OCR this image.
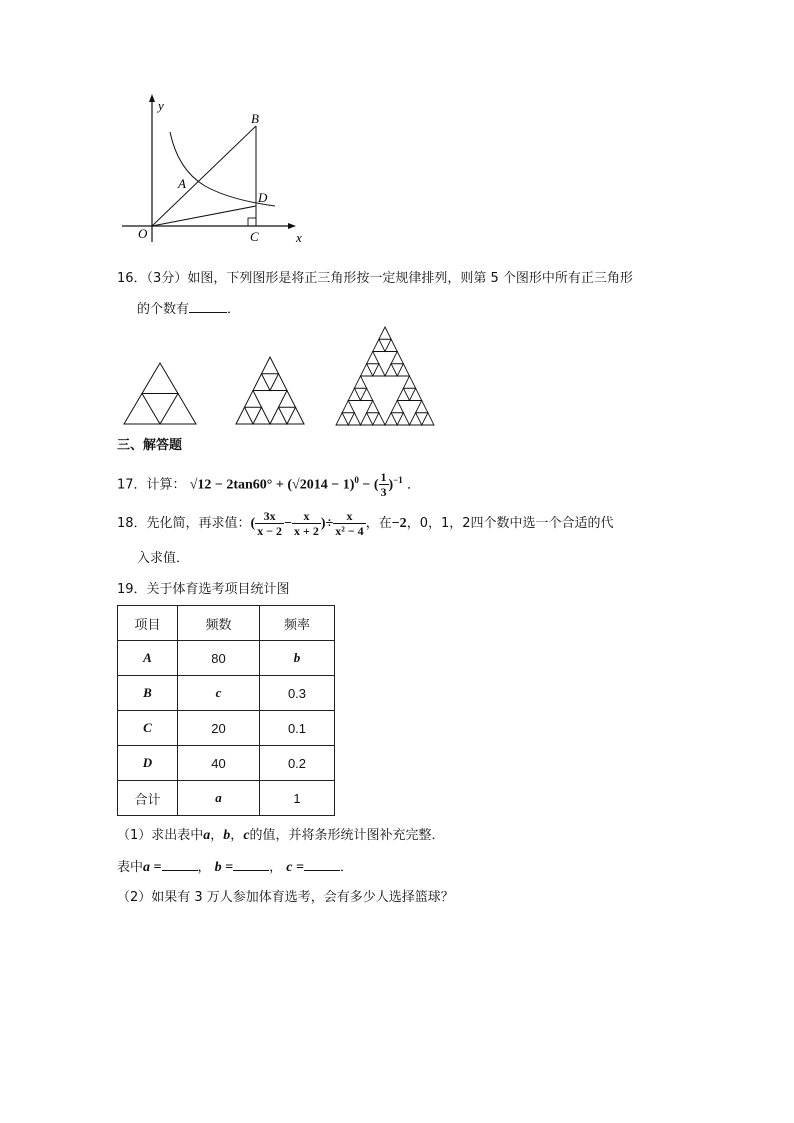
y
x
O
A
B
C
D
16．（3分）如图，下列图形是将正三角形按一定规律排列，则第 5 个图形中所有正三角形
的个数有	．
三、解答题
17．计算： $√12 - 2\tan 60^\circ + (√2014 - 1)^0$ − ( $\frac{1}{3} )^{-1}$ ．
18．先化简，再求值：( $\frac{3x}{x - 2} - \frac{x}{x + 2}$ )÷ $\frac{x}{\text{x² − 4}}$ ，在−2，0，1，2四个数中选一个合适的代
入求值．
19．关于体育选考项目统计图
项目	频数	频率
A	80	b
B	c	0.3
C	20	0.1
D	40	0.2
合计	a	1
（1）求出表中a，b，c的值，并将条形统计图补充完整．
表中a =	， b =	， c =	．
（2）如果有 3 万人参加体育选考，会有多少人选择篮球？
